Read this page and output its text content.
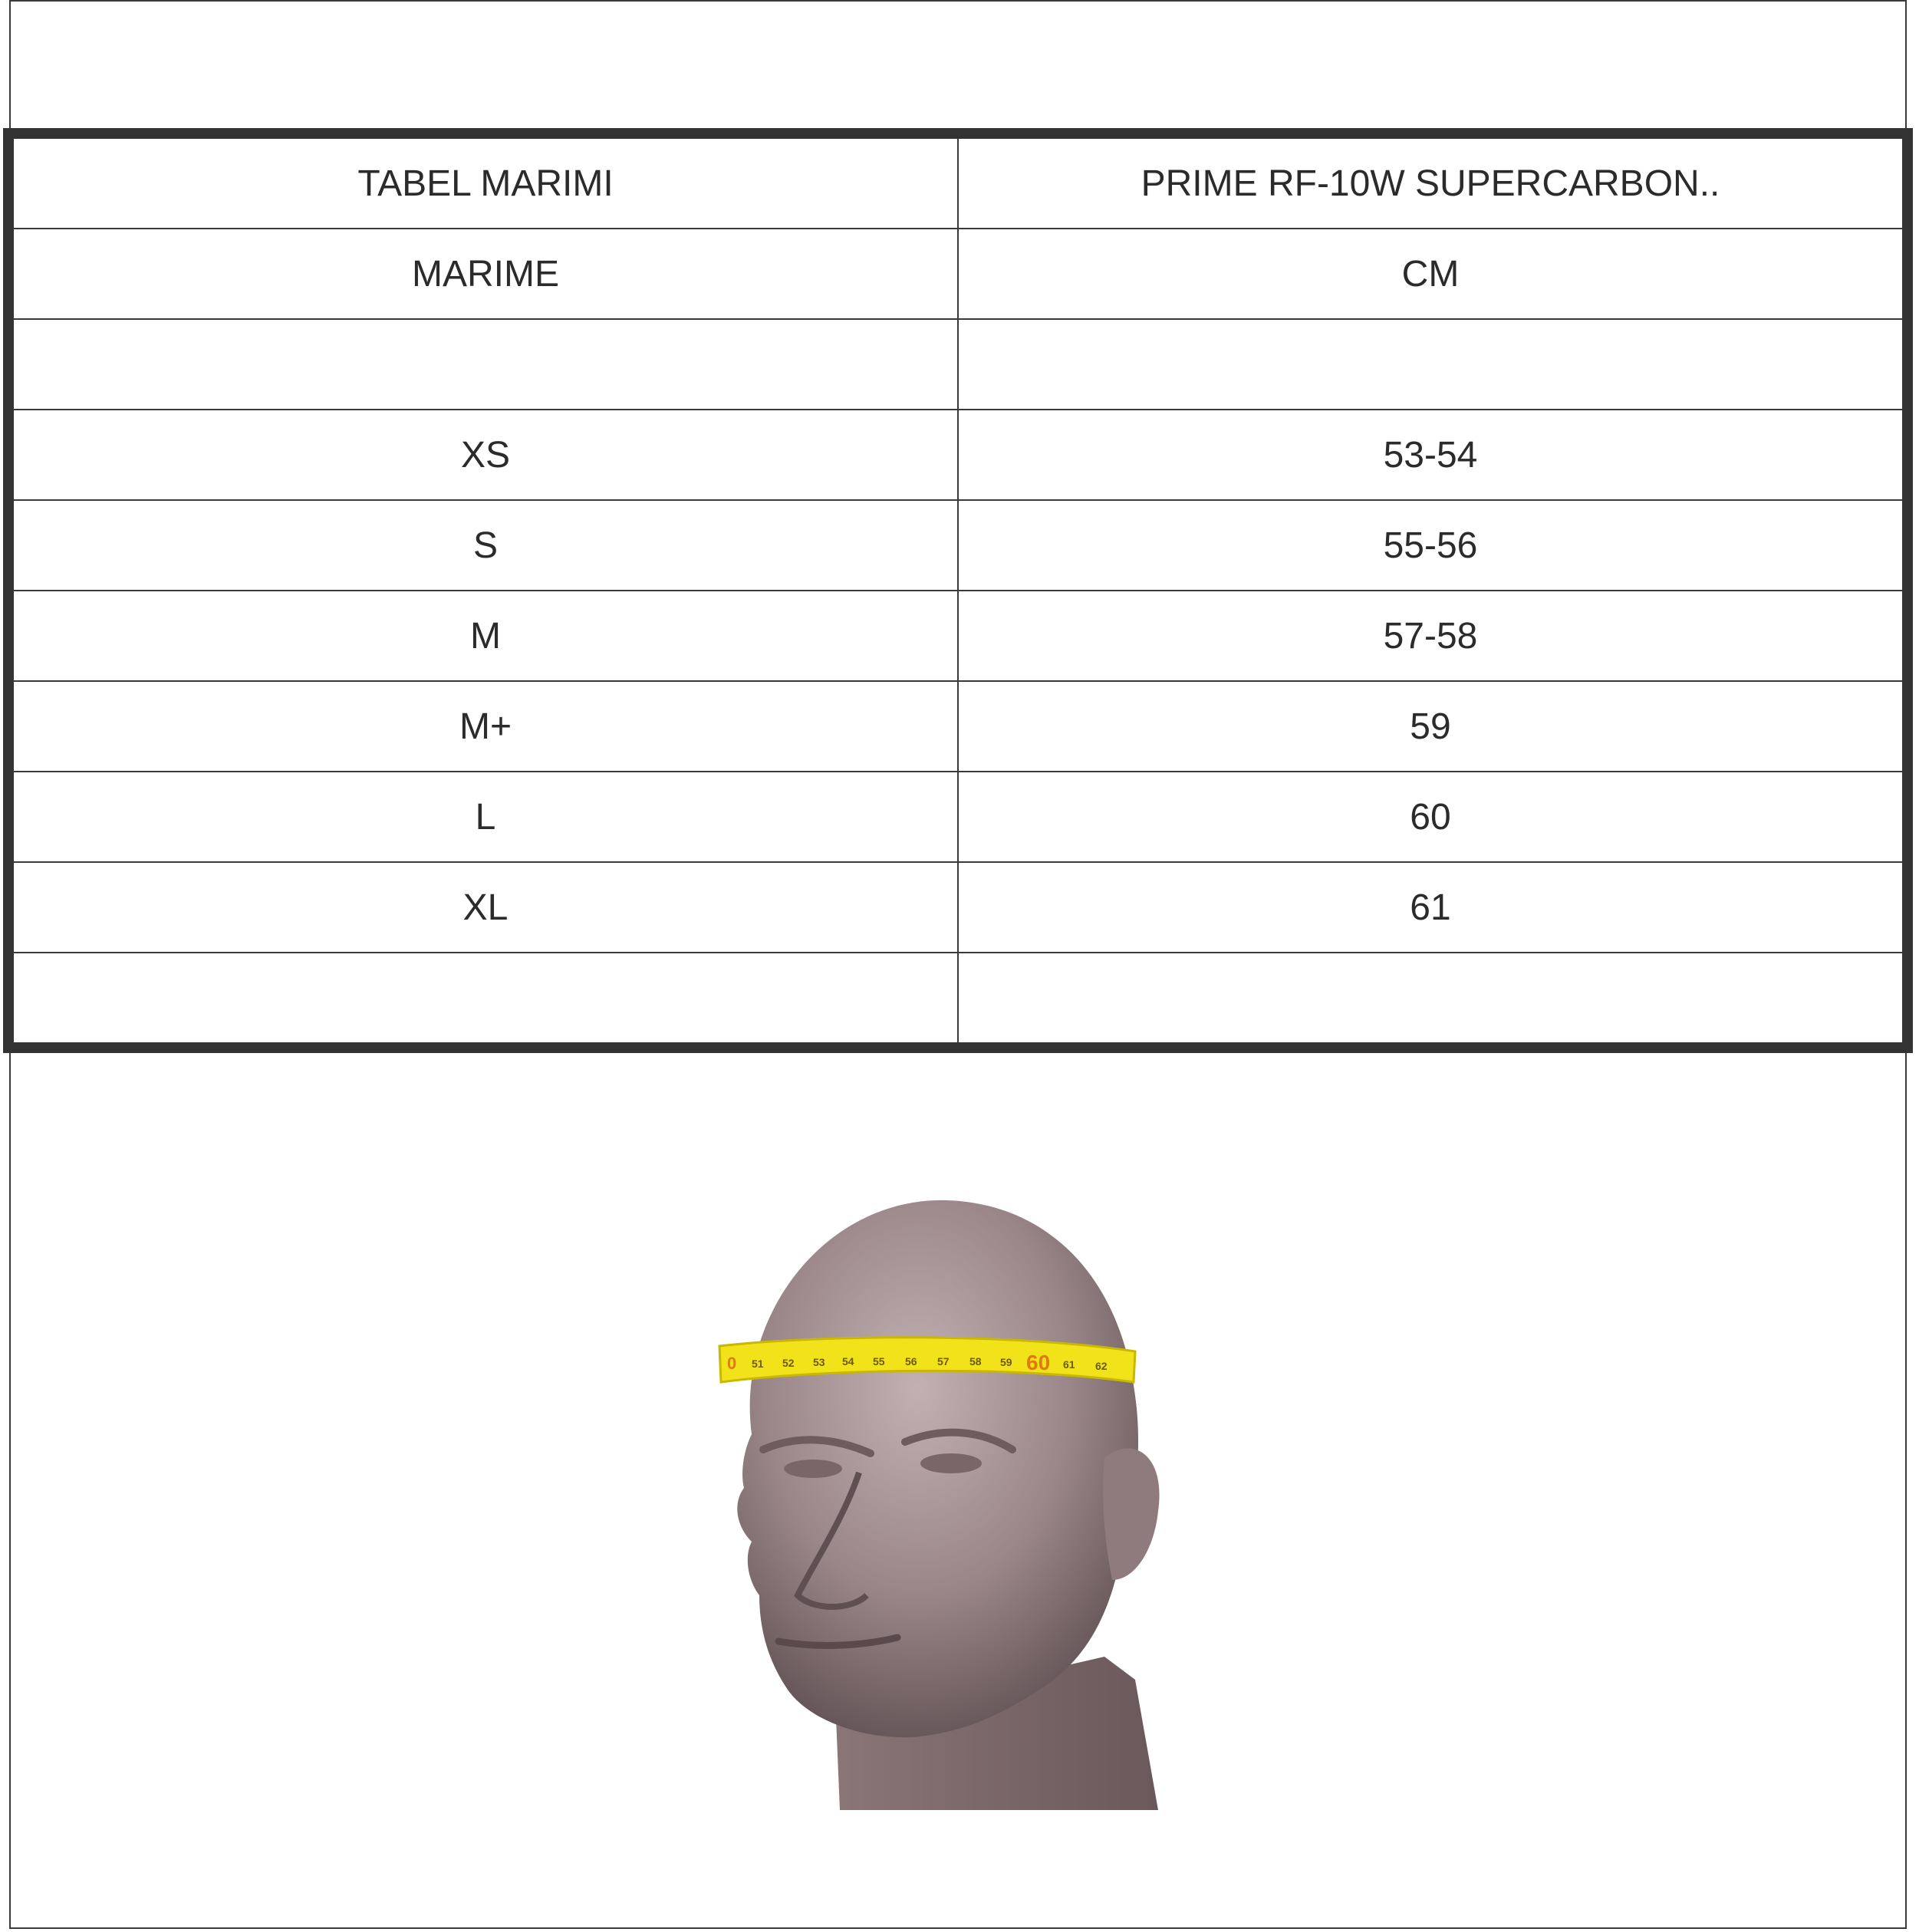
TABEL MARIMI	PRIME RF-10W SUPERCARBON..
MARIME	CM

XS	53-54
S	55-56
M	57-58
M+	59
L	60
XL	61

0 51 52 53 54 55 56 57 58 59 60 61 62
